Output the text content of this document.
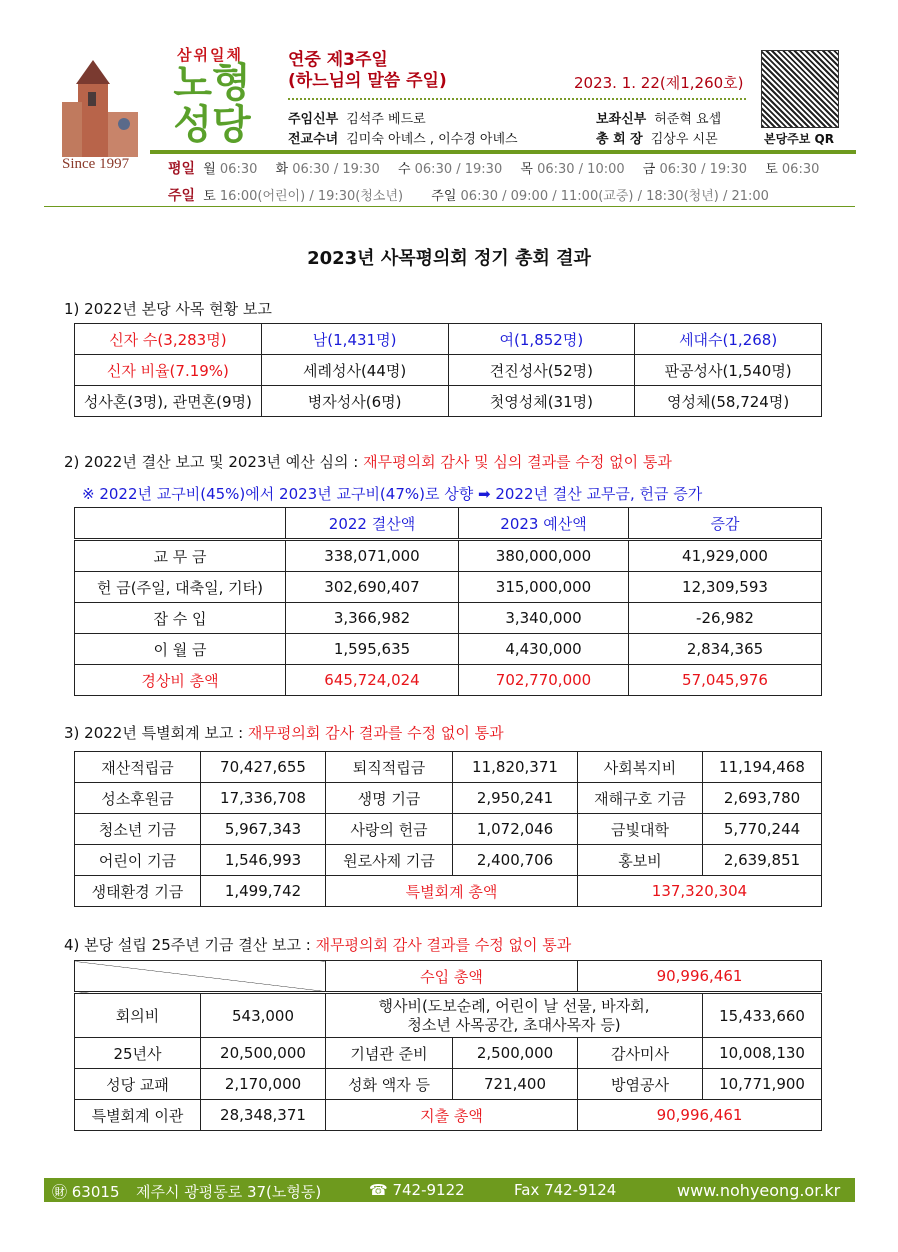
Since 1997
삼위일체
노형성당
연중 제3주일
(하느님의 말씀 주일)	2023. 1. 22(제1,260호)
주임신부 김석주 베드로	보좌신부 허준혁 요셉
전교수녀 김미숙 아녜스 , 이수경 아녜스	총 회 장 김상우 시몬	본당주보 QR
평일 월 06:30 화 06:30 / 19:30 수 06:30 / 19:30 목 06:30 / 10:00 금 06:30 / 19:30 토 06:30
주일 토 16:00(어린이) / 19:30(청소년) 주일 06:30 / 09:00 / 11:00(교중) / 18:30(청년) / 21:00
2023년 사목평의회 정기 총회 결과
1) 2022년 본당 사목 현황 보고
신자 수(3,283명)	남(1,431명)	여(1,852명)	세대수(1,268)
신자 비율(7.19%)	세례성사(44명)	견진성사(52명)	판공성사(1,540명)
성사혼(3명), 관면혼(9명)	병자성사(6명)	첫영성체(31명)	영성체(58,724명)
2) 2022년 결산 보고 및 2023년 예산 심의 : 재무평의회 감사 및 심의 결과를 수정 없이 통과
※ 2022년 교구비(45%)에서 2023년 교구비(47%)로 상향 ➡ 2022년 결산 교무금, 헌금 증가
	2022 결산액	2023 예산액	증감
교 무 금	338,071,000	380,000,000	41,929,000
헌 금(주일, 대축일, 기타)	302,690,407	315,000,000	12,309,593
잡 수 입	3,366,982	3,340,000	-26,982
이 월 금	1,595,635	4,430,000	2,834,365
경상비 총액	645,724,024	702,770,000	57,045,976
3) 2022년 특별회계 보고 : 재무평의회 감사 결과를 수정 없이 통과
재산적립금	70,427,655	퇴직적립금	11,820,371	사회복지비	11,194,468
성소후원금	17,336,708	생명 기금	2,950,241	재해구호 기금	2,693,780
청소년 기금	5,967,343	사랑의 헌금	1,072,046	금빛대학	5,770,244
어린이 기금	1,546,993	원로사제 기금	2,400,706	홍보비	2,639,851
생태환경 기금	1,499,742	특별회계 총액		137,320,304	
4) 본당 설립 25주년 기금 결산 보고 : 재무평의회 감사 결과를 수정 없이 통과
		수입 총액		90,996,461	
회의비	543,000	행사비(도보순례, 어린이 날 선물, 바자회,
청소년 사목공간, 초대사목자 등)			15,433,660
25년사	20,500,000	기념관 준비	2,500,000	감사미사	10,008,130
성당 교패	2,170,000	성화 액자 등	721,400	방염공사	10,771,900
특별회계 이관	28,348,371	지출 총액		90,996,461	
㊖ 63015 제주시 광평동로 37(노형동)	☎ 742-9122	Fax 742-9124	www.nohyeong.or.kr
